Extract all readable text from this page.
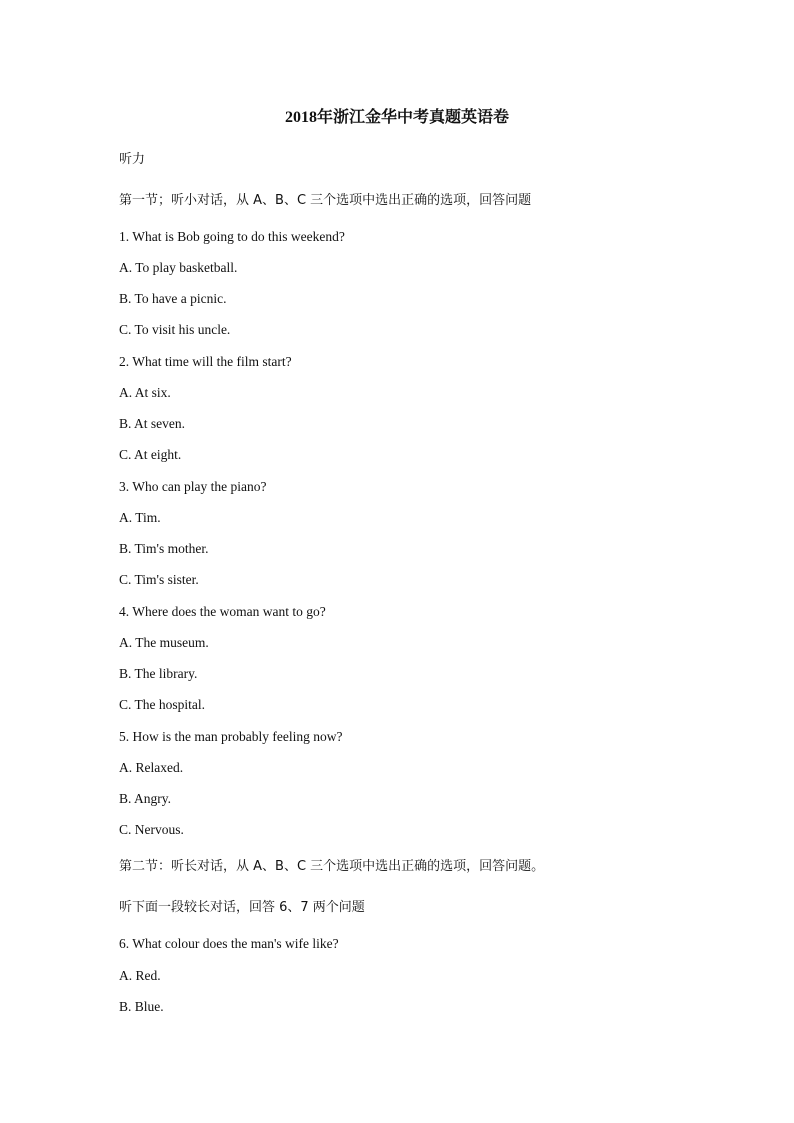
2018年浙江金华中考真题英语卷
听力
第一节；听小对话，从 A、B、C 三个选项中选出正确的选项，回答问题
1. What is Bob going to do this weekend?
A. To play basketball.
B. To have a picnic.
C. To visit his uncle.
2. What time will the film start?
A. At six.
B. At seven.
C. At eight.
3. Who can play the piano?
A. Tim.
B. Tim's mother.
C. Tim's sister.
4. Where does the woman want to go?
A. The museum.
B. The library.
C. The hospital.
5. How is the man probably feeling now?
A. Relaxed.
B. Angry.
C. Nervous.
第二节：听长对话，从 A、B、C 三个选项中选出正确的选项，回答问题。
听下面一段较长对话，回答 6、7 两个问题
6. What colour does the man's wife like?
A. Red.
B. Blue.
